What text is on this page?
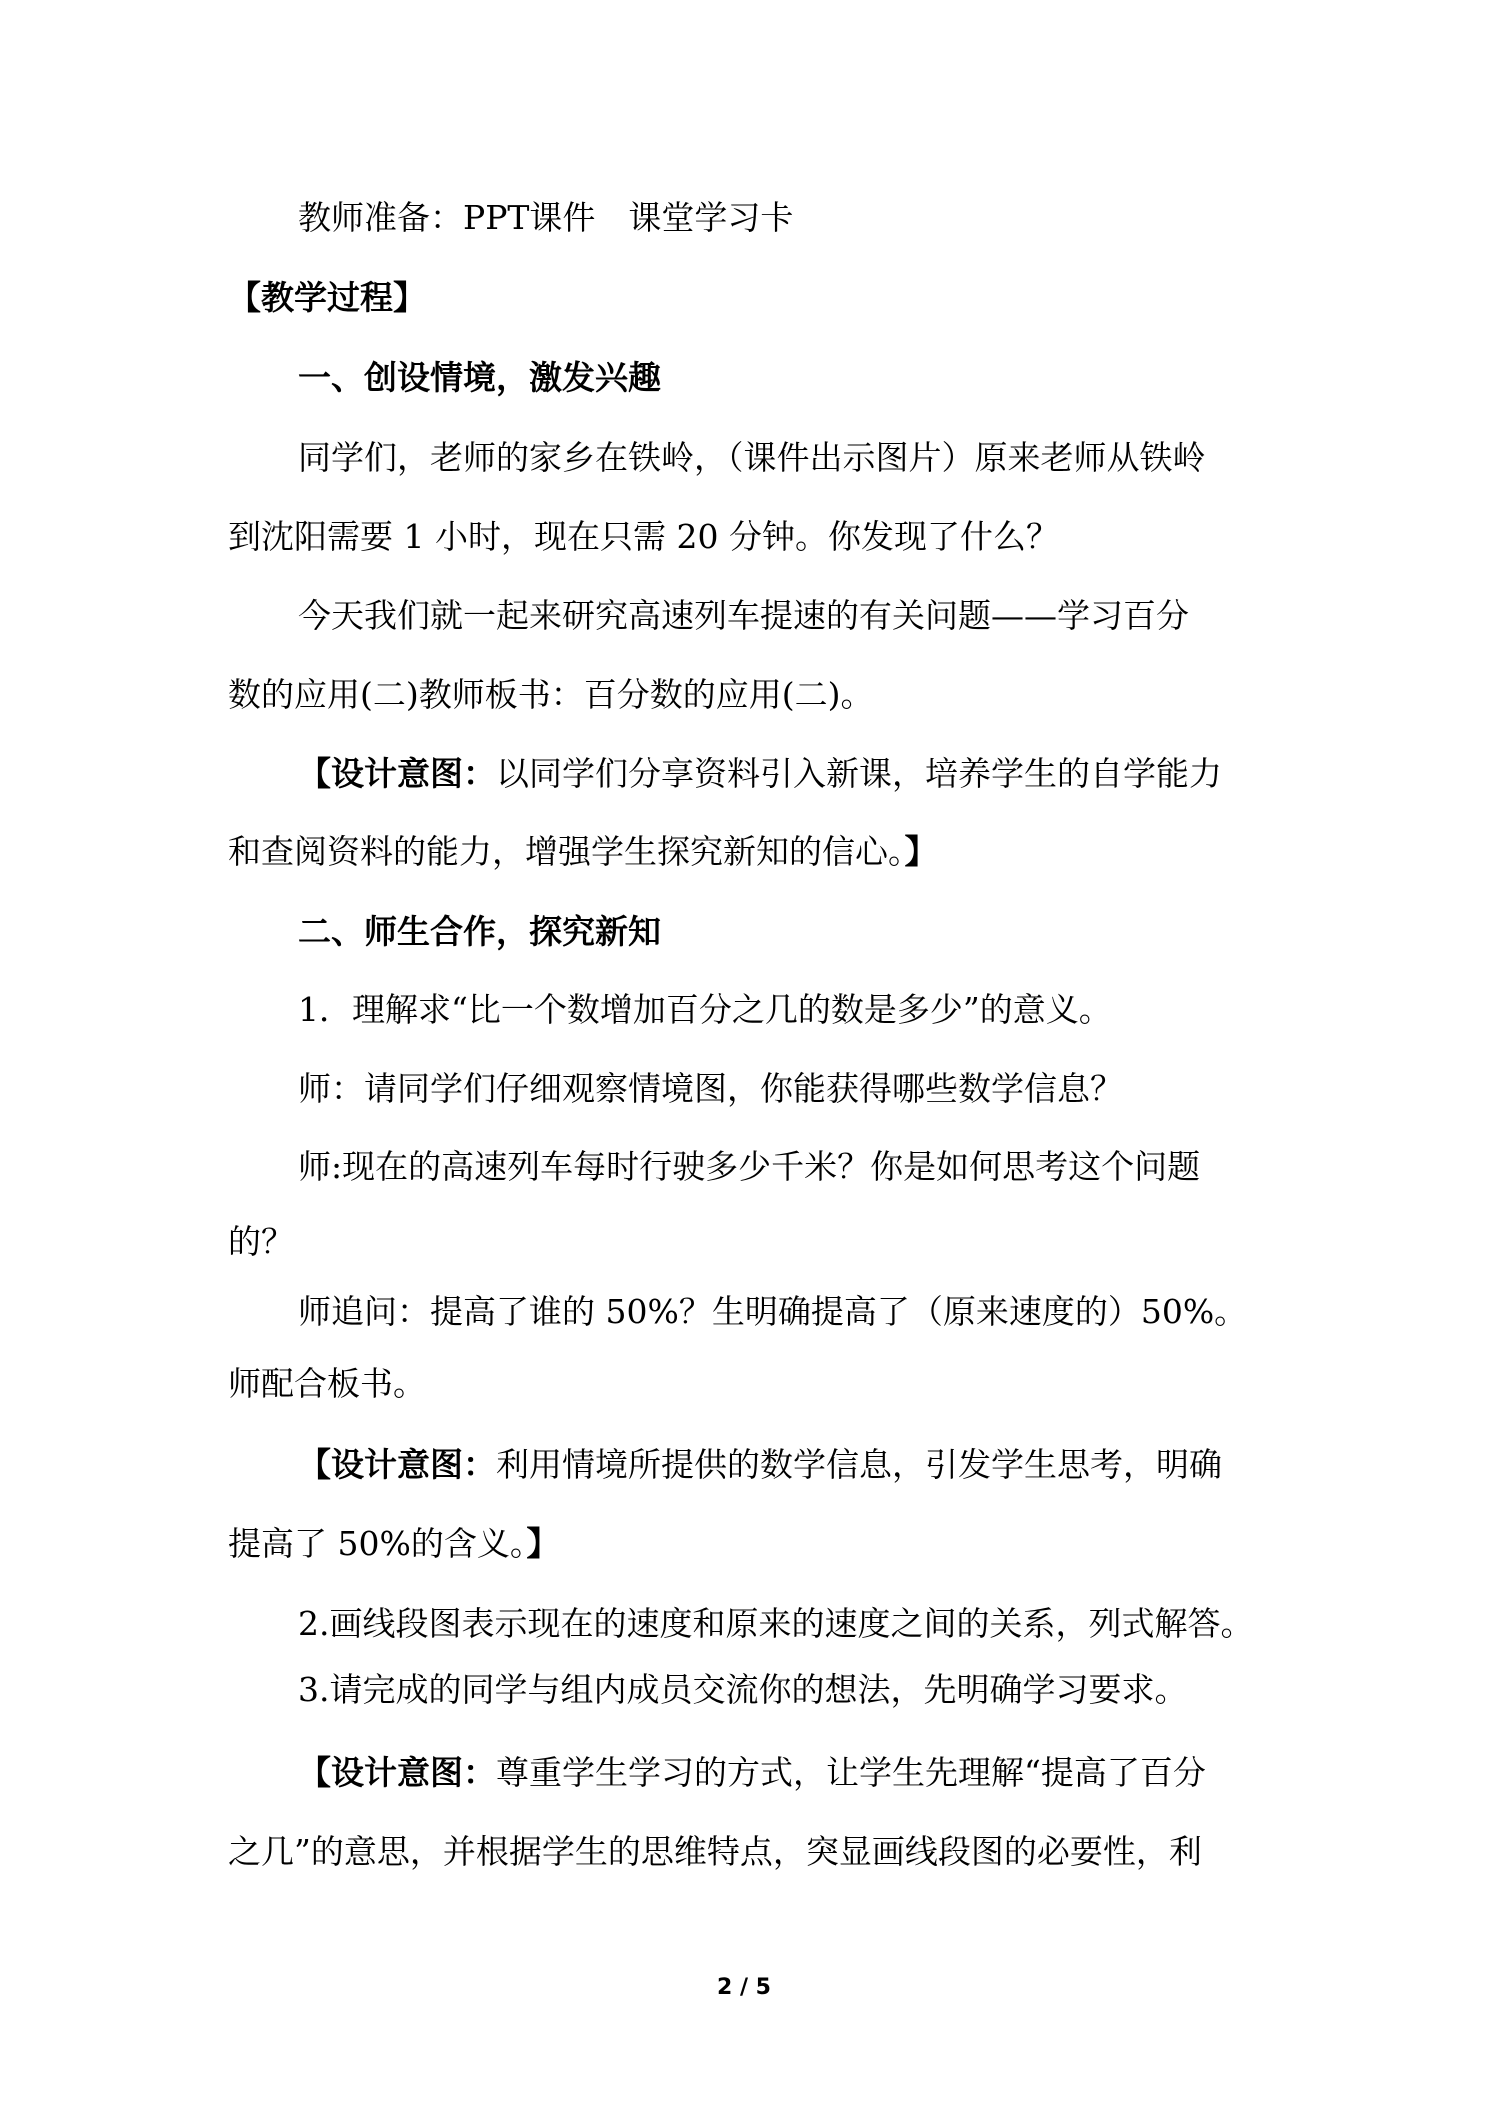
教师准备：PPT课件　课堂学习卡
【教学过程】
一、创设情境，激发兴趣
同学们，老师的家乡在铁岭，（课件出示图片）原来老师从铁岭
到沈阳需要 1 小时，现在只需 20 分钟。你发现了什么？
今天我们就一起来研究高速列车提速的有关问题——学习百分
数的应用(二)教师板书：百分数的应用(二)。
【设计意图：以同学们分享资料引入新课，培养学生的自学能力
和查阅资料的能力，增强学生探究新知的信心。】
二、师生合作，探究新知
1．理解求“比一个数增加百分之几的数是多少”的意义。
师：请同学们仔细观察情境图，你能获得哪些数学信息？
师:现在的高速列车每时行驶多少千米？你是如何思考这个问题
的？
师追问：提高了谁的 50%？生明确提高了（原来速度的）50%。
师配合板书。
【设计意图：利用情境所提供的数学信息，引发学生思考，明确
提高了 50%的含义。】
2.画线段图表示现在的速度和原来的速度之间的关系，列式解答。
3.请完成的同学与组内成员交流你的想法，先明确学习要求。
【设计意图：尊重学生学习的方式，让学生先理解“提高了百分
之几”的意思，并根据学生的思维特点，突显画线段图的必要性，利
2 / 5
